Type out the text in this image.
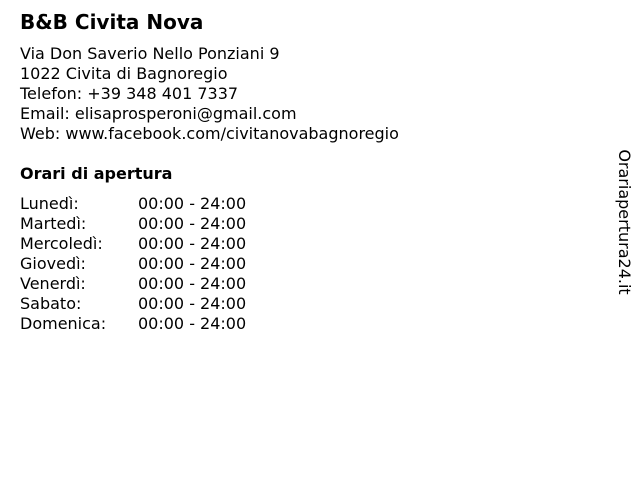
B&B Civita Nova
Via Don Saverio Nello Ponziani 9
1022 Civita di Bagnoregio
Telefon: +39 348 401 7337
Email: elisaprosperoni@gmail.com
Web: www.facebook.com/civitanovabagnoregio
Orari di apertura
Lunedì:	00:00 - 24:00
Martedì:	00:00 - 24:00
Mercoledì: 00:00 - 24:00
Giovedì:	00:00 - 24:00
Venerdì:	00:00 - 24:00
Sabato:	00:00 - 24:00
Domenica: 00:00 - 24:00
Orariapertura24.it
